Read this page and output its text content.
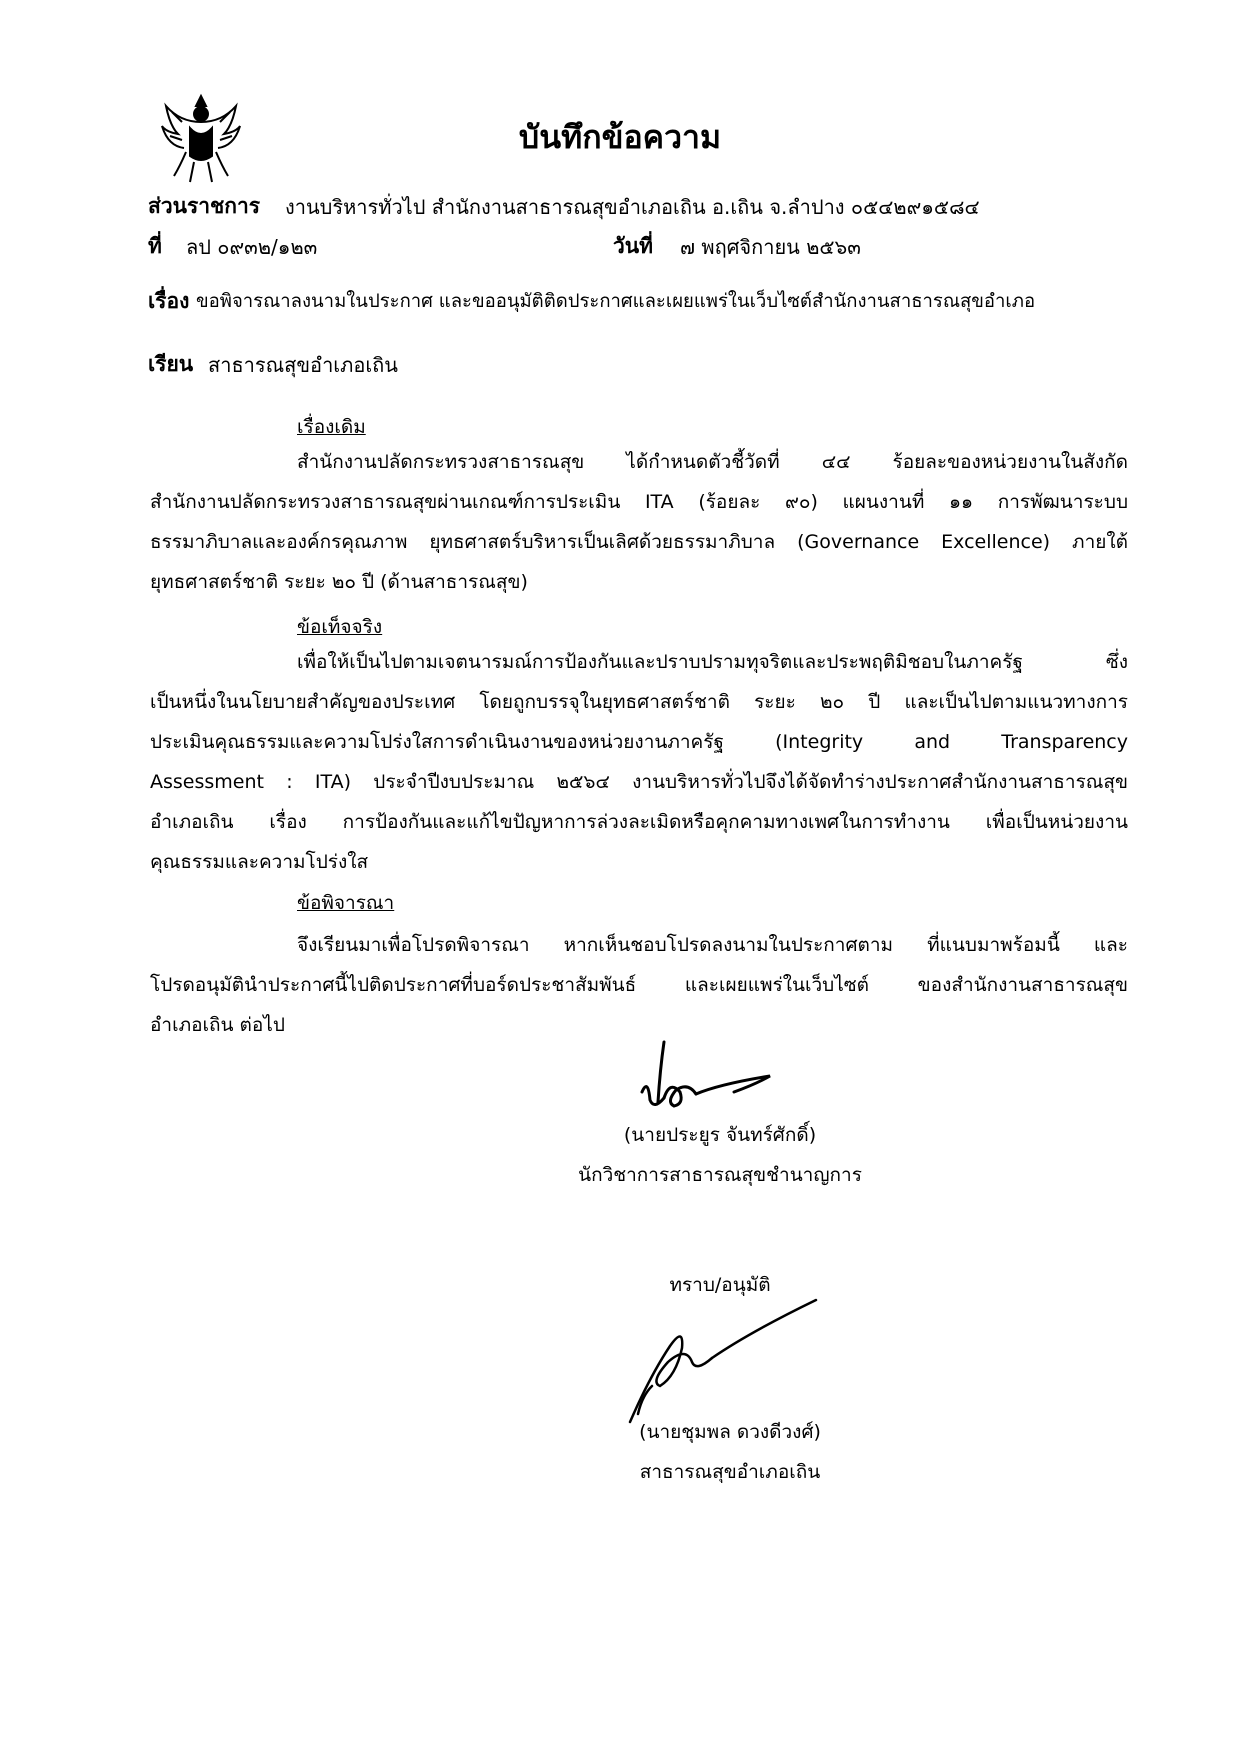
บันทึกข้อความ
ส่วนราชการ งานบริหารทั่วไป สำนักงานสาธารณสุขอำเภอเถิน อ.เถิน จ.ลำปาง ๐๕๔๒๙๑๕๘๔
ที่ ลป ๐๙๓๒/๑๒๓	วันที่ ๗ พฤศจิกายน ๒๕๖๓
เรื่อง ขอพิจารณาลงนามในประกาศ และขออนุมัติติดประกาศและเผยแพร่ในเว็บไซต์สำนักงานสาธารณสุขอำเภอ
เรียน สาธารณสุขอำเภอเถิน
เรื่องเดิม
สำนักงานปลัดกระทรวงสาธารณสุข ได้กำหนดตัวชี้วัดที่ ๔๔ ร้อยละของหน่วยงานในสังกัด
สำนักงานปลัดกระทรวงสาธารณสุขผ่านเกณฑ์การประเมิน ITA (ร้อยละ ๙๐) แผนงานที่ ๑๑ การพัฒนาระบบ
ธรรมาภิบาลและองค์กรคุณภาพ ยุทธศาสตร์บริหารเป็นเลิศด้วยธรรมาภิบาล (Governance Excellence) ภายใต้
ยุทธศาสตร์ชาติ ระยะ ๒๐ ปี (ด้านสาธารณสุข)
ข้อเท็จจริง
เพื่อให้เป็นไปตามเจตนารมณ์การป้องกันและปราบปรามทุจริตและประพฤติมิชอบในภาครัฐ ซึ่ง
เป็นหนึ่งในนโยบายสำคัญของประเทศ โดยถูกบรรจุในยุทธศาสตร์ชาติ ระยะ ๒๐ ปี และเป็นไปตามแนวทางการ
ประเมินคุณธรรมและความโปร่งใสการดำเนินงานของหน่วยงานภาครัฐ (Integrity and Transparency
Assessment : ITA) ประจำปีงบประมาณ ๒๕๖๔ งานบริหารทั่วไปจึงได้จัดทำร่างประกาศสำนักงานสาธารณสุข
อำเภอเถิน เรื่อง การป้องกันและแก้ไขปัญหาการล่วงละเมิดหรือคุกคามทางเพศในการทำงาน เพื่อเป็นหน่วยงาน
คุณธรรมและความโปร่งใส
ข้อพิจารณา
จึงเรียนมาเพื่อโปรดพิจารณา หากเห็นชอบโปรดลงนามในประกาศตาม ที่แนบมาพร้อมนี้ และ
โปรดอนุมัตินำประกาศนี้ไปติดประกาศที่บอร์ดประชาสัมพันธ์ และเผยแพร่ในเว็บไซต์ ของสำนักงานสาธารณสุข
อำเภอเถิน ต่อไป
(นายประยูร จันทร์ศักดิ์)
นักวิชาการสาธารณสุขชำนาญการ
ทราบ/อนุมัติ
(นายชุมพล ดวงดีวงศ์)
สาธารณสุขอำเภอเถิน
